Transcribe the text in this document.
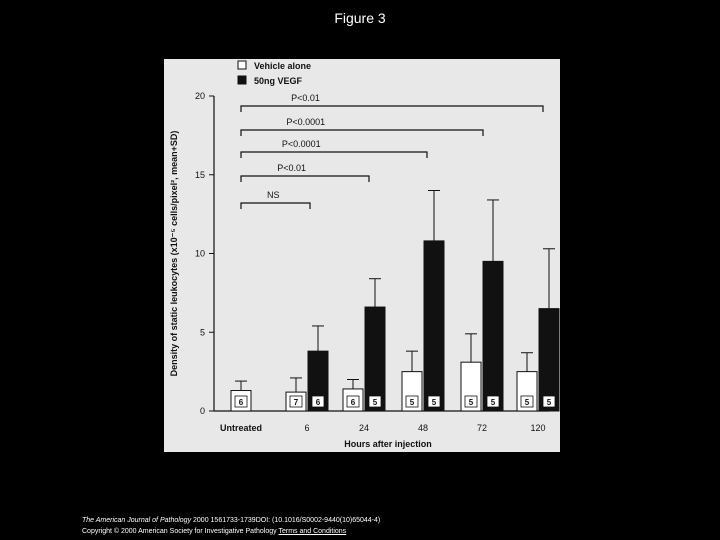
Figure 3
0
5
10
15
20
Density of static leukocytes (x10⁻⁵ cells/pixel², mean+SD)
6	7 6	6 5	5 5	5 5	5 5
Untreated	6	24	48	72	120
Hours after injection
NS
P<0.01
P<0.0001
P<0.0001
P<0.01
Vehicle alone
50ng VEGF
The American Journal of Pathology 2000 1561733-1739DOI: (10.1016/S0002-9440(10)65044-4)
Copyright © 2000 American Society for Investigative Pathology Terms and Conditions
